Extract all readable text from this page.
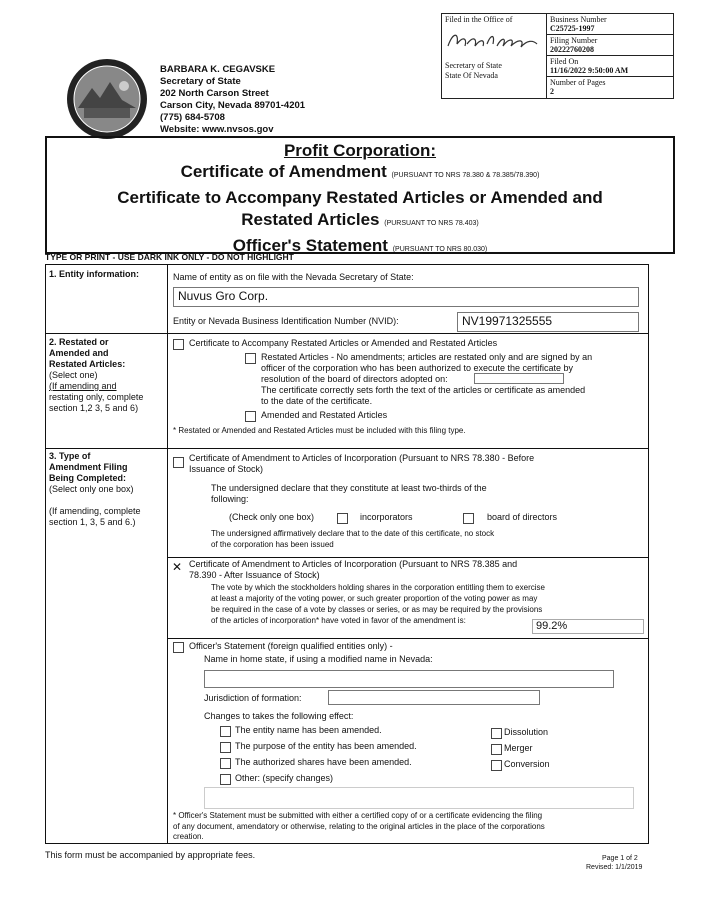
Filed in the Office of
Secretary of State
State Of Nevada
Business Number
C25725-1997
Filing Number
20222760208
Filed On
11/16/2022 9:50:00 AM
Number of Pages
2
BARBARA K. CEGAVSKE
Secretary of State
202 North Carson Street
Carson City, Nevada 89701-4201
(775) 684-5708
Website: www.nvsos.gov
Profit Corporation:
Certificate of Amendment (PURSUANT TO NRS 78.380 & 78.385/78.390)
Certificate to Accompany Restated Articles or Amended and
Restated Articles (PURSUANT TO NRS 78.403)
Officer's Statement (PURSUANT TO NRS 80.030)
TYPE OR PRINT - USE DARK INK ONLY - DO NOT HIGHLIGHT
1. Entity information:	Name of entity as on file with the Nevada Secretary of State:
Nuvus Gro Corp.
Entity or Nevada Business Identification Number (NVID):	NV19971325555
2. Restated or
Amended and
Restated Articles:
(Select one)
(If amending and
restating only, complete
section 1,2 3, 5 and 6)
Certificate to Accompany Restated Articles or Amended and Restated Articles
Restated Articles - No amendments; articles are restated only and are signed by an
officer of the corporation who has been authorized to execute the certificate by
resolution of the board of directors adopted on:
The certificate correctly sets forth the text of the articles or certificate as amended
to the date of the certificate.
Amended and Restated Articles
* Restated or Amended and Restated Articles must be included with this filing type.
3. Type of
Amendment Filing
Being Completed:
(Select only one box)

(If amending, complete
section 1, 3, 5 and 6.)
Certificate of Amendment to Articles of Incorporation (Pursuant to NRS 78.380 - Before
Issuance of Stock)
The undersigned declare that they constitute at least two-thirds of the
following:
(Check only one box)	incorporators	board of directors
The undersigned affirmatively declare that to the date of this certificate, no stock
of the corporation has been issued
✕ Certificate of Amendment to Articles of Incorporation (Pursuant to NRS 78.385 and
78.390 - After Issuance of Stock)
The vote by which the stockholders holding shares in the corporation entitling them to exercise
at least a majority of the voting power, or such greater proportion of the voting power as may
be required in the case of a vote by classes or series, or as may be required by the provisions
of the articles of incorporation* have voted in favor of the amendment is:	99.2%
Officer's Statement (foreign qualified entities only) -
Name in home state, if using a modified name in Nevada:
Jurisdiction of formation:
Changes to takes the following effect:
The entity name has been amended.
The purpose of the entity has been amended.
The authorized shares have been amended.
Other: (specify changes)
Dissolution
Merger
Conversion
* Officer's Statement must be submitted with either a certified copy of or a certificate evidencing the filing
of any document, amendatory or otherwise, relating to the original articles in the place of the corporations
creation.
This form must be accompanied by appropriate fees.	Page 1 of 2
Revised: 1/1/2019
